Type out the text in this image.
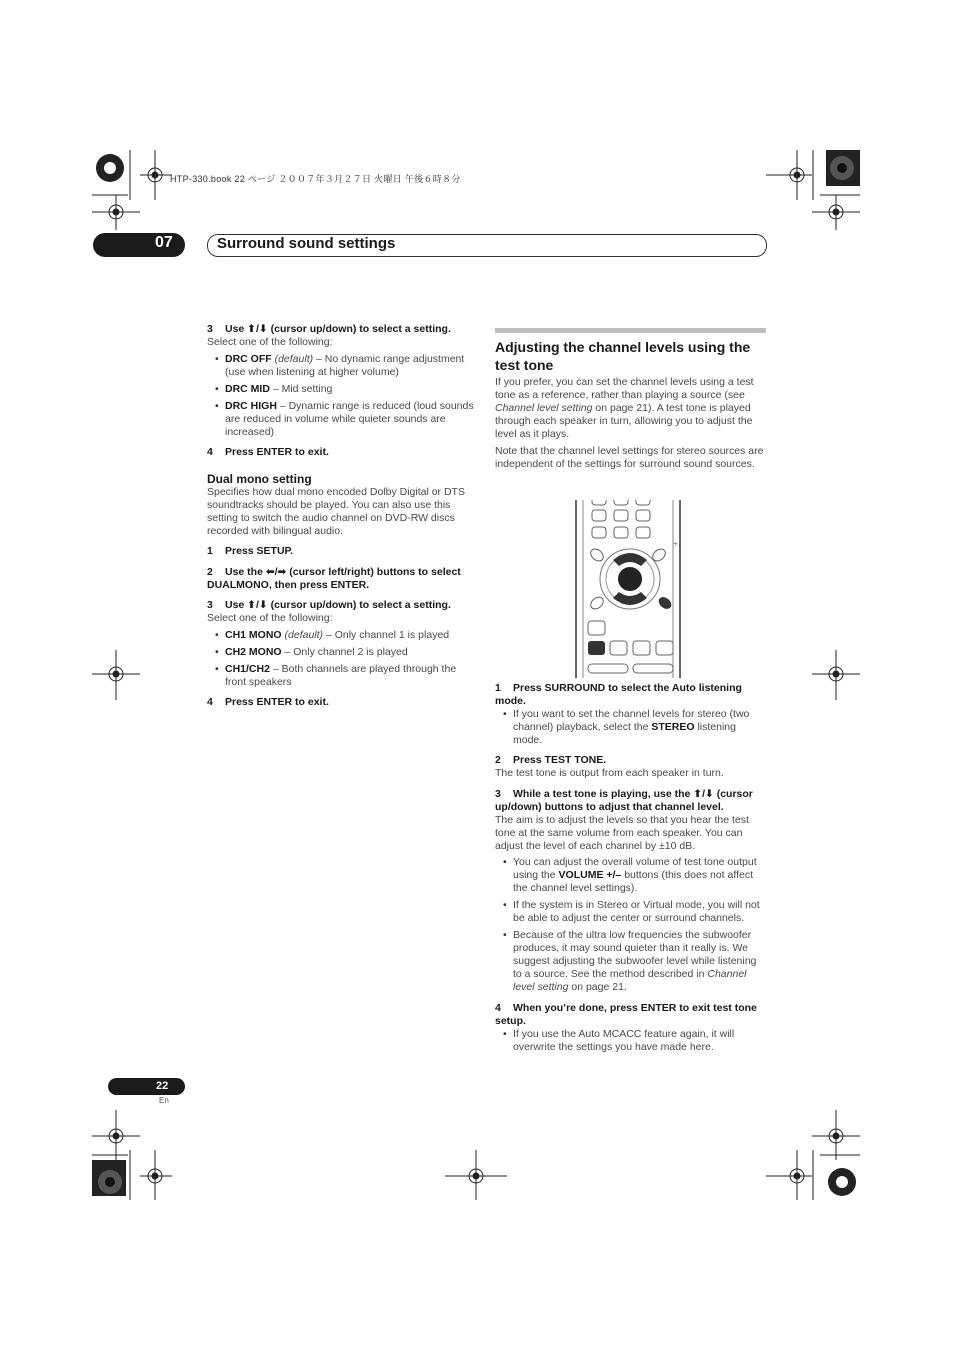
HTP-330.book 22 ページ ２００７年３月２７日 火曜日 午後６時８分
07	Surround sound settings

3 Use ⬆/⬇ (cursor up/down) to select a setting.

Select one of the following:

• DRC OFF (default) – No dynamic range adjustment (use when listening at higher volume)

• DRC MID – Mid setting

• DRC HIGH – Dynamic range is reduced (loud sounds are reduced in volume while quieter sounds are increased)

4 Press ENTER to exit.

Dual mono setting

Specifies how dual mono encoded Dolby Digital or DTS soundtracks should be played. You can also use this setting to switch the audio channel on DVD-RW discs recorded with bilingual audio.

1 Press SETUP.

2 Use the ⬅/➡ (cursor left/right) buttons to select DUALMONO, then press ENTER.

3 Use ⬆/⬇ (cursor up/down) to select a setting.

Select one of the following:

• CH1 MONO (default) – Only channel 1 is played

• CH2 MONO – Only channel 2 is played

• CH1/CH2 – Both channels are played through the front speakers

4 Press ENTER to exit.

Adjusting the channel levels using the test tone

If you prefer, you can set the channel levels using a test tone as a reference, rather than playing a source (see Channel level setting on page 21). A test tone is played through each speaker in turn, allowing you to adjust the level as it plays.

Note that the channel level settings for stereo sources are independent of the settings for surround sound sources.

+

1 Press SURROUND to select the Auto listening mode.

• If you want to set the channel levels for stereo (two channel) playback, select the STEREO listening mode.

2 Press TEST TONE.

The test tone is output from each speaker in turn.

3 While a test tone is playing, use the ⬆/⬇ (cursor up/down) buttons to adjust that channel level.

The aim is to adjust the levels so that you hear the test tone at the same volume from each speaker. You can adjust the level of each channel by ±10 dB.

• You can adjust the overall volume of test tone output using the VOLUME +/– buttons (this does not affect the channel level settings).

• If the system is in Stereo or Virtual mode, you will not be able to adjust the center or surround channels.

• Because of the ultra low frequencies the subwoofer produces, it may sound quieter than it really is. We suggest adjusting the subwoofer level while listening to a source. See the method described in Channel level setting on page 21.

4 When you’re done, press ENTER to exit test tone setup.

• If you use the Auto MCACC feature again, it will overwrite the settings you have made here.

22
En
